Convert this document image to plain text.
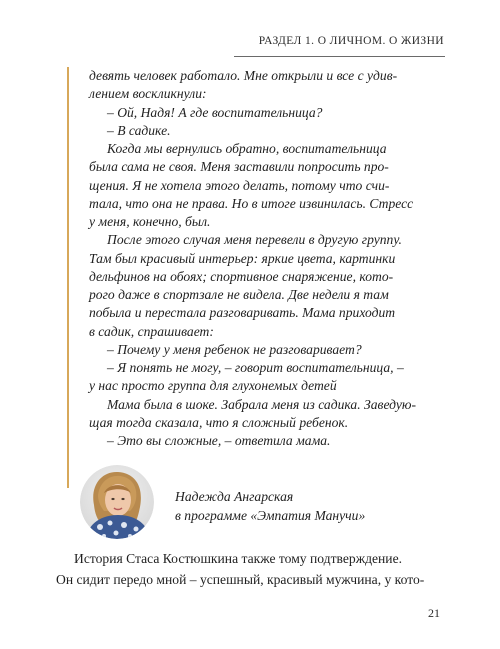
РАЗДЕЛ 1. О ЛИЧНОМ. О ЖИЗНИ
девять человек работало. Мне открыли и все с удив-
лением воскликнули:
– Ой, Надя! А где воспитательница?
– В садике.
Когда мы вернулись обратно, воспитательница
была сама не своя. Меня заставили попросить про-
щения. Я не хотела этого делать, потому что счи-
тала, что она не права. Но в итоге извинилась. Стресс
у меня, конечно, был.
После этого случая меня перевели в другую группу.
Там был красивый интерьер: яркие цвета, картинки
дельфинов на обоях; спортивное снаряжение, кото-
рого даже в спортзале не видела. Две недели я там
побыла и перестала разговаривать. Мама приходит
в садик, спрашивает:
– Почему у меня ребенок не разговаривает?
– Я понять не могу, – говорит воспитательница, –
у нас просто группа для глухонемых детей
Мама была в шоке. Забрала меня из садика. Заведую-
щая тогда сказала, что я сложный ребенок.
– Это вы сложные, – ответила мама.
Надежда Ангарская
в программе «Эмпатия Манучи»
История Стаса Костюшкина также тому подтверждение.
Он сидит передо мной – успешный, красивый мужчина, у кото-
21
